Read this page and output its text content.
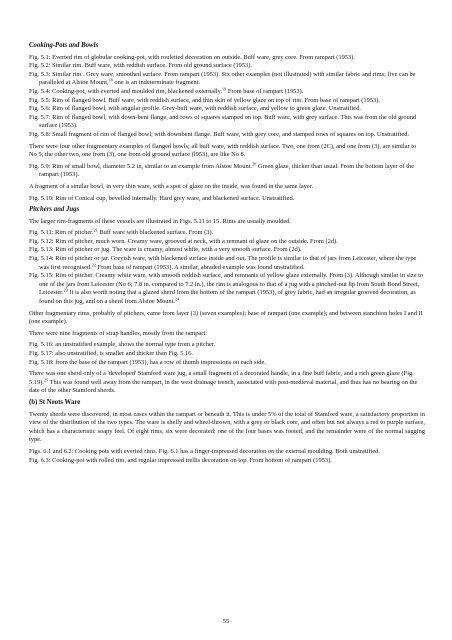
Cooking-Pots and Bowls

Fig. 5.1: Everted rim of globular cooking-pot, with rouletted decoration on outside. Buff ware, grey core. From rampart (1953).

Fig. 5.2: Similar rim. Buff ware, with reddish surface. From old ground surface (1953).

Fig. 5.3: Similar rim . Grey ware, smoothed surface. From rampart (1953). Six other examples (not illustrated) with similar fabric and rims; five can be paralleled at Alstoe Mount,$^{18}$ one is an indeterminate fragment.

Fig. 5.4: Cooking-pot, with everted and moulded rim, blackened externally.$^{19}$ From base of rampart (1953).

Fig. 5.5: Rim of flanged bowl. Buff ware, with reddish surface, and thin skin of yellow glaze on top of rim. From base of rampart (1953).

Fig. 5.6: Rim of flanged bowl, with angular profile. Grey-buff ware, with reddish surface, and yellow to green glaze. Unstratified.

Fig. 5.7: Rim of flanged bowl, with down-bent flange, and rows of squares stamped on top. Buff ware, with grey surface. This was from the old ground surface (1953).

Fig. 5.8: Small fragment of rim of flanged bowl, with downbent flange. Buff ware, with grey core, and stamped rows of squares on top. Unstratified.

There were four other fragmentary examples of flanged bowls; all buff ware, with reddish surface. Two, one from (2C), and one from (3), are similar to No 5; the other two, one from (3), one from old ground surface (l953), are like No 8.

Fig. 5.9: Rim of small bowl, diameter 5.2 in, similar to an example from Alstoe Mount.$^{20}$ Green glaze, thicker than usual. From the bottom layer of the rampart (1953).

A fragment of a similar bowl, in very thin ware, with a spot of glaze on the inside, was found in the same layer.

Fig. 5.10: Rim of Conical cup, bevelled internally. Hard grey ware, and blackened surface. Unstratified.

Pitchers and Jugs

The larger rim-fragments of these vessels are illustrated in Figs. 5.11 to 15. Rims are usually moulded.

Fig. 5.11: Rim of pitcher.$^{21}$ Buff ware with blackened surface. From (3).

Fig. 5.12: Rim of pitcher, much worn. Creamy ware, grooved at neck, with a remnant of glaze on the outside. From (2d).

Fig. 5.13: Rim of pitcher or jug. The ware is creamy, almost white, with a very smooth surface. From (2d).

Fig. 5.14: Rim of pitcher or jar. Greyish ware, with blackened surface inside and out. The profile is similar to that of jars from Leicester, where the type was first recognised.$^{22}$ From base of rampart (1953). A similar, abraded example was found unstratified.

Fig. 5.15: Rim of pitcher. Creamy white ware, with smooth reddish surface, and remnants of yellow glaze externally. From (3). Although similar in size to one of the jars from Leicester (No 6; 7.8 in. compared to 7.2 in.), the rim is analogous to that of a jug with a pinched-out lip from South Bond Street, Leicester.$^{23}$ It is also worth noting that a glazed sherd from the bottom of the rampart (1953), of grey fabric, had an irregular grooved decoration, as found on this jug, and on a sherd from Alstoe Mount.$^{24}$

Other fragmentary rims, probably of pitchers, came from layer (3) (seven examples); base of rampart (one example); and between stanchion holes I and II (one example).

There were nine fragments of strap handles, mostly from the rampart:

Fig. 5.16: an unstratified example, shows the normal type from a pitcher.

Fig. 5.17: also unstratified, is smaller and thicker than Fig. 5.16.

Fig. 5.18: from the base of the rampart (1953), has a row of thumb impressions on each side.

There was one sherd only of a 'developed' Stamford ware jug, a small fragment of a decorated handle, in a fine buff fabric, and a rich green glaze (Fig. 5.19).$^{25}$ This was found well away from the rampart, in the west drainage trench, associated with post-medieval material, and thus has no bearing on the date of the other Stamford sherds.

(b) St Neots Ware

Twenty sherds were discovered, in most cases within the rampart or beneath it. This is under 5% of the total of Stamford ware, a satisfactory proportion in view of the distribution of the two types. The ware is shelly and wheel-thrown, with a grey or black core, and often but not always a red to purple surface, which has a characteristic soapy feel. Of eight rims, six were decorated; one of the four bases was footed, and the remainder were of the normal sagging type.

Figs. 6.1 and 6.2: Cooking pots with everted rims. Fig. 6.1 has a finger-impressed decoration on the external moulding. Both unstratified.

Fig. 6.3: Cooking-pot with rolled rim, and regular impressed trellis decoration on top. From bottom of rampart (1953).

55
